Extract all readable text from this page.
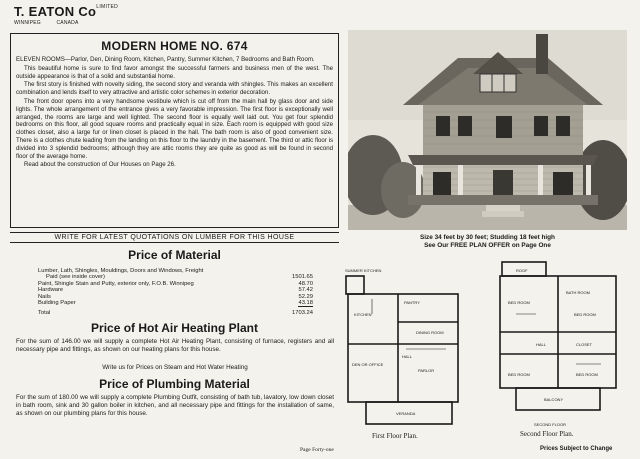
T. EATON $Co^{LIMITED}$
WINNIPEG	CANADA
MODERN HOME NO. 674

ELEVEN ROOMS—Parlor, Den, Dining Room, Kitchen, Pantry, Summer Kitchen, 7 Bedrooms and Bath Room.

This beautiful home is sure to find favor amongst the successful farmers and business men of the west. The outside appearance is that of a solid and substantial home.

The first story is finished with novelty siding, the second story and veranda with shingles. This makes an excellent combination and lends itself to very attractive and artistic color schemes in exterior decoration.

The front door opens into a very handsome vestibule which is cut off from the main hall by glass door and side lights. The whole arrangement of the entrance gives a very favorable impression. The first floor is exceptionally well arranged, the rooms are large and well lighted. The second floor is equally well laid out. You get four splendid bedrooms on this floor, all good square rooms and practically equal in size. Each room is equipped with good size clothes closet, also a large fur or linen closet is placed in the hall. The bath room is also of good convenient size. There is a clothes chute leading from the landing on this floor to the laundry in the basement. The third or attic floor is divided into 3 splendid bedrooms; although they are attic rooms they are quite as good as will be found in second floor of the average home.

Read about the construction of Our Houses on Page 26.

WRITE FOR LATEST QUOTATIONS ON LUMBER FOR THIS HOUSE
Price of Material
Lumber, Lath, Shingles, Mouldings, Doors and Windows, Freight
Paid (see inside cover)	1501.65
Paint, Shingle Stain and Putty, exterior only, F.O.B. Winnipeg	48.70
Hardware	57.42
Nails	52.29
Building Paper	43.18
Total	1703.24
Price of Hot Air Heating Plant
For the sum of 146.00 we will supply a complete Hot Air Heating Plant, consisting of furnace, registers and all necessary pipe and fittings, as shown on our heating plans for this house.
Write us for Prices on Steam and Hot Water Heating
Price of Plumbing Material
For the sum of 180.00 we will supply a complete Plumbing Outfit, consisting of bath tub, lavatory, low down closet in bath room, sink and 30 gallon boiler in kitchen, and all necessary pipe and fittings for the installation of same, as shown on our plumbing plans for this house.
Size 34 feet by 30 feet; Studding 18 feet high
See Our FREE PLAN OFFER on Page One
SUMMER KITCHEN
KITCHEN
PANTRY
DINING ROOM
DEN OR OFFICE
HALL
PARLOR
VERANDA
ROOF
BED ROOM
BATH ROOM
BED ROOM
HALL	CLOSET
BED ROOM	BED ROOM
BALCONY
SECOND FLOOR
First Floor Plan.	Second Floor Plan.
Page Forty-one	Prices Subject to Change
